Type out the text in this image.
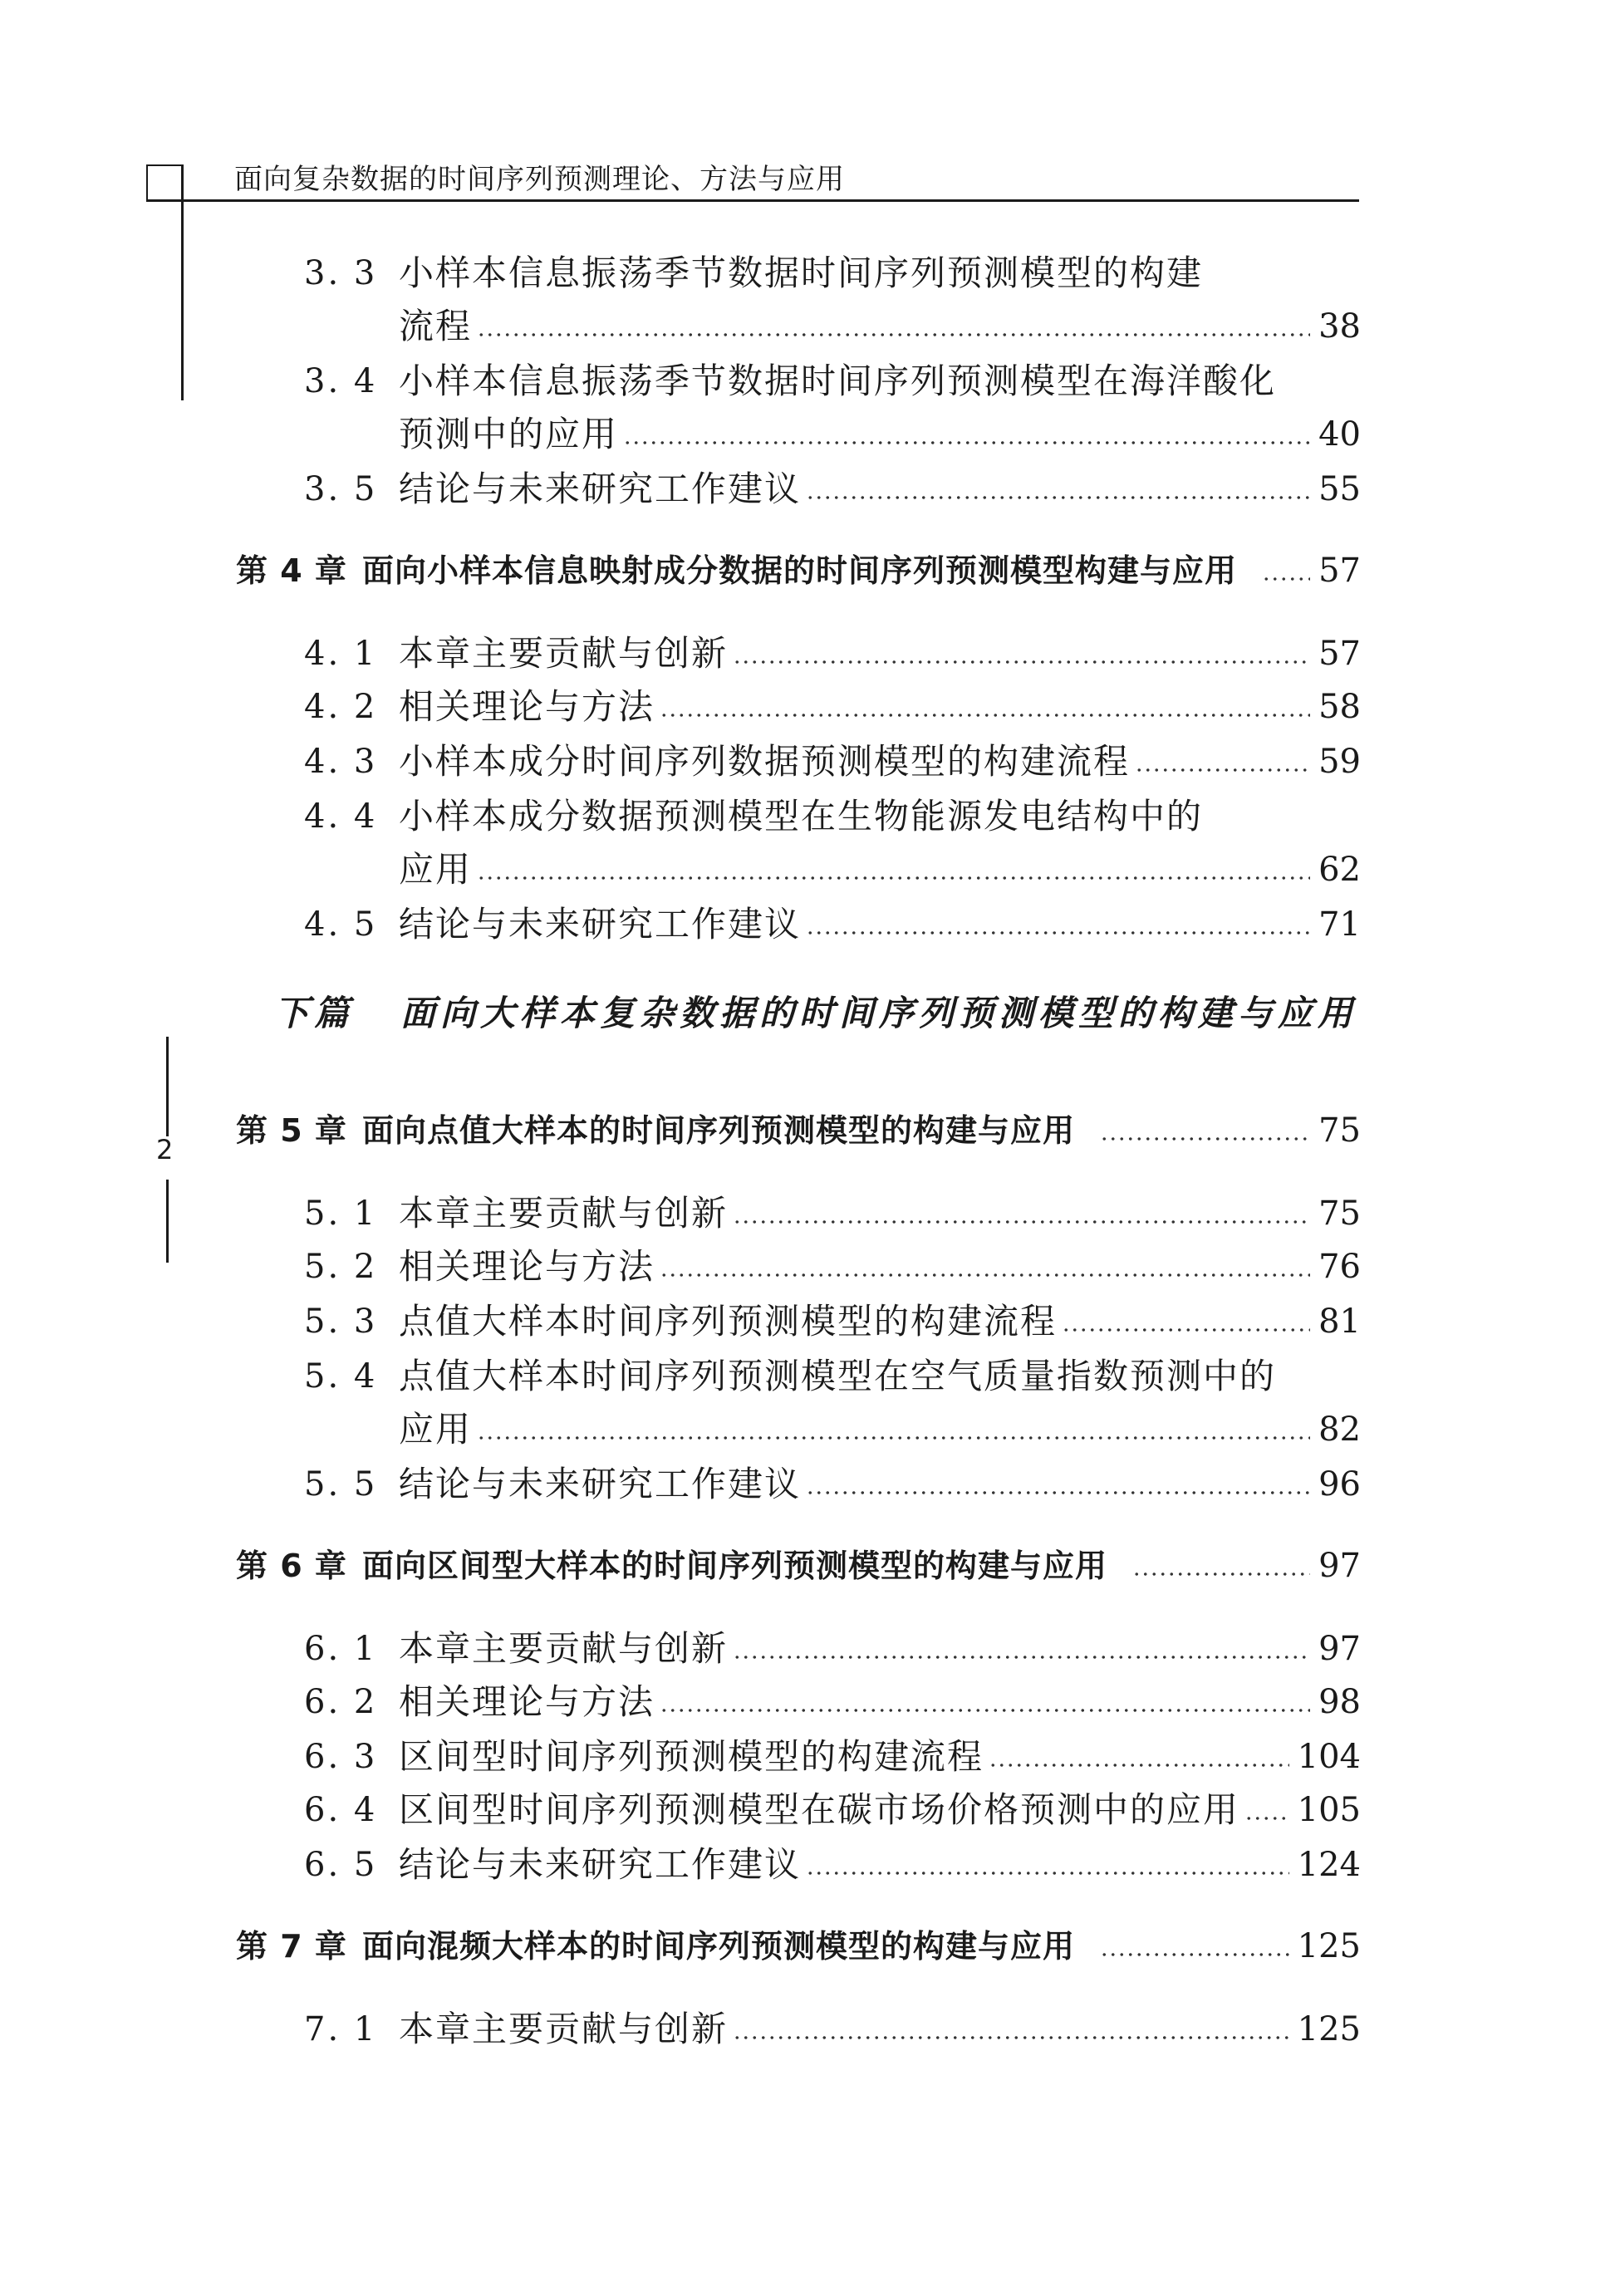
面向复杂数据的时间序列预测理论、方法与应用
2
3. 3 小样本信息振荡季节数据时间序列预测模型的构建
流程	38
3. 4 小样本信息振荡季节数据时间序列预测模型在海洋酸化
预测中的应用	40
3. 5 结论与未来研究工作建议	55
第 4 章 面向小样本信息映射成分数据的时间序列预测模型构建与应用 57
4. 1 本章主要贡献与创新	57
4. 2 相关理论与方法	58
4. 3 小样本成分时间序列数据预测模型的构建流程	59
4. 4 小样本成分数据预测模型在生物能源发电结构中的
应用	62
4. 5 结论与未来研究工作建议	71
下篇 面向大样本复杂数据的时间序列预测模型的构建与应用
第 5 章 面向点值大样本的时间序列预测模型的构建与应用	75
5. 1 本章主要贡献与创新	75
5. 2 相关理论与方法	76
5. 3 点值大样本时间序列预测模型的构建流程	81
5. 4 点值大样本时间序列预测模型在空气质量指数预测中的
应用	82
5. 5 结论与未来研究工作建议	96
第 6 章 面向区间型大样本的时间序列预测模型的构建与应用	97
6. 1 本章主要贡献与创新	97
6. 2 相关理论与方法	98
6. 3 区间型时间序列预测模型的构建流程	104
6. 4 区间型时间序列预测模型在碳市场价格预测中的应用 105
6. 5 结论与未来研究工作建议	124
第 7 章 面向混频大样本的时间序列预测模型的构建与应用	125
7. 1 本章主要贡献与创新	125
